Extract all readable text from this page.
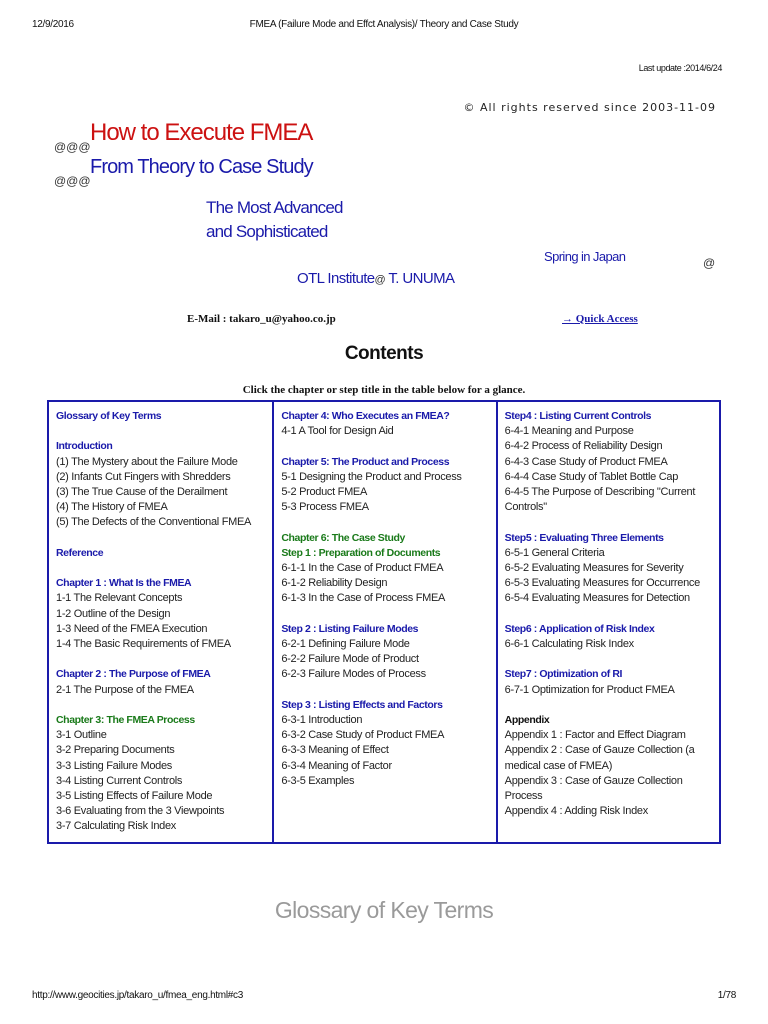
12/9/2016	FMEA (Failure Mode and Effct Analysis)/ Theory and Case Study
Last update :2014/6/24
© All rights reserved since 2003-11-09
@@@
How to Execute FMEA
@@@
From Theory to Case Study
The Most Advanced
and Sophisticated
Spring in Japan	@
OTL Institute@ T. UNUMA
E-Mail : takaro_u@yahoo.co.jp	→ Quick Access
Contents
Click the chapter or step title in the table below for a glance.
Glossary of Key Terms
Introduction
(1) The Mystery about the Failure Mode
(2) Infants Cut Fingers with Shredders
(3) The True Cause of the Derailment
(4) The History of FMEA
(5) The Defects of the Conventional FMEA
Reference
Chapter 1 : What Is the FMEA
1-1 The Relevant Concepts
1-2 Outline of the Design
1-3 Need of the FMEA Execution
1-4 The Basic Requirements of FMEA
Chapter 2 : The Purpose of FMEA
2-1 The Purpose of the FMEA
Chapter 3: The FMEA Process
3-1 Outline
3-2 Preparing Documents
3-3 Listing Failure Modes
3-4 Listing Current Controls
3-5 Listing Effects of Failure Mode
3-6 Evaluating from the 3 Viewpoints
3-7 Calculating Risk Index
Chapter 4: Who Executes an FMEA?
4-1 A Tool for Design Aid
Chapter 5: The Product and Process
5-1 Designing the Product and Process
5-2 Product FMEA
5-3 Process FMEA
Chapter 6: The Case Study
Step 1 : Preparation of Documents
6-1-1 In the Case of Product FMEA
6-1-2 Reliability Design
6-1-3 In the Case of Process FMEA
Step 2 : Listing Failure Modes
6-2-1 Defining Failure Mode
6-2-2 Failure Mode of Product
6-2-3 Failure Modes of Process
Step 3 : Listing Effects and Factors
6-3-1 Introduction
6-3-2 Case Study of Product FMEA
6-3-3 Meaning of Effect
6-3-4 Meaning of Factor
6-3-5 Examples
Step4 : Listing Current Controls
6-4-1 Meaning and Purpose
6-4-2 Process of Reliability Design
6-4-3 Case Study of Product FMEA
6-4-4 Case Study of Tablet Bottle Cap
6-4-5 The Purpose of Describing "Current Controls"
Step5 : Evaluating Three Elements
6-5-1 General Criteria
6-5-2 Evaluating Measures for Severity
6-5-3 Evaluating Measures for Occurrence
6-5-4 Evaluating Measures for Detection
Step6 : Application of Risk Index
6-6-1 Calculating Risk Index
Step7 : Optimization of RI
6-7-1 Optimization for Product FMEA
Appendix
Appendix 1 : Factor and Effect Diagram
Appendix 2 : Case of Gauze Collection (a medical case of FMEA)
Appendix 3 : Case of Gauze Collection Process
Appendix 4 : Adding Risk Index
Glossary of Key Terms
http://www.geocities.jp/takaro_u/fmea_eng.html#c3	1/78
